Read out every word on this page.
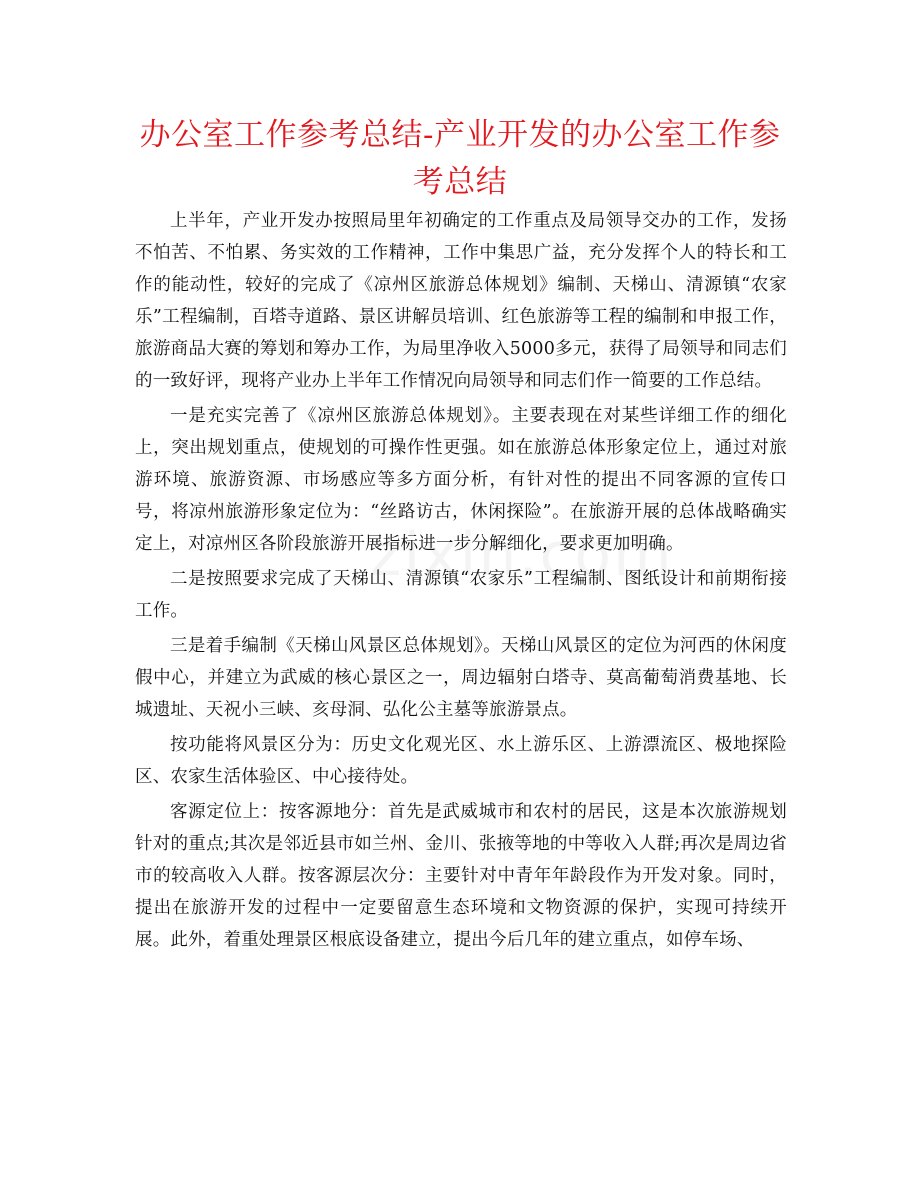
办公室工作参考总结-产业开发的办公室工作参考总结

上半年，产业开发办按照局里年初确定的工作重点及局领导交办的工作，发扬不怕苦、不怕累、务实效的工作精神，工作中集思广益，充分发挥个人的特长和工作的能动性，较好的完成了《凉州区旅游总体规划》编制、天梯山、清源镇“农家乐”工程编制，百塔寺道路、景区讲解员培训、红色旅游等工程的编制和申报工作，旅游商品大赛的筹划和筹办工作，为局里净收入5000多元，获得了局领导和同志们的一致好评，现将产业办上半年工作情况向局领导和同志们作一简要的工作总结。

一是充实完善了《凉州区旅游总体规划》。主要表现在对某些详细工作的细化上，突出规划重点，使规划的可操作性更强。如在旅游总体形象定位上，通过对旅游环境、旅游资源、市场感应等多方面分析，有针对性的提出不同客源的宣传口号，将凉州旅游形象定位为：“丝路访古，休闲探险”。在旅游开展的总体战略确实定上，对凉州区各阶段旅游开展指标进一步分解细化，要求更加明确。

二是按照要求完成了天梯山、清源镇“农家乐”工程编制、图纸设计和前期衔接工作。

三是着手编制《天梯山风景区总体规划》。天梯山风景区的定位为河西的休闲度假中心，并建立为武威的核心景区之一，周边辐射白塔寺、莫高葡萄消费基地、长城遗址、天祝小三峡、亥母洞、弘化公主墓等旅游景点。

按功能将风景区分为：历史文化观光区、水上游乐区、上游漂流区、极地探险区、农家生活体验区、中心接待处。

客源定位上：按客源地分：首先是武威城市和农村的居民，这是本次旅游规划针对的重点;其次是邻近县市如兰州、金川、张掖等地的中等收入人群;再次是周边省市的较高收入人群。按客源层次分：主要针对中青年年龄段作为开发对象。同时，提出在旅游开发的过程中一定要留意生态环境和文物资源的保护，实现可持续开展。此外，着重处理景区根底设备建立，提出今后几年的建立重点，如停车场、
